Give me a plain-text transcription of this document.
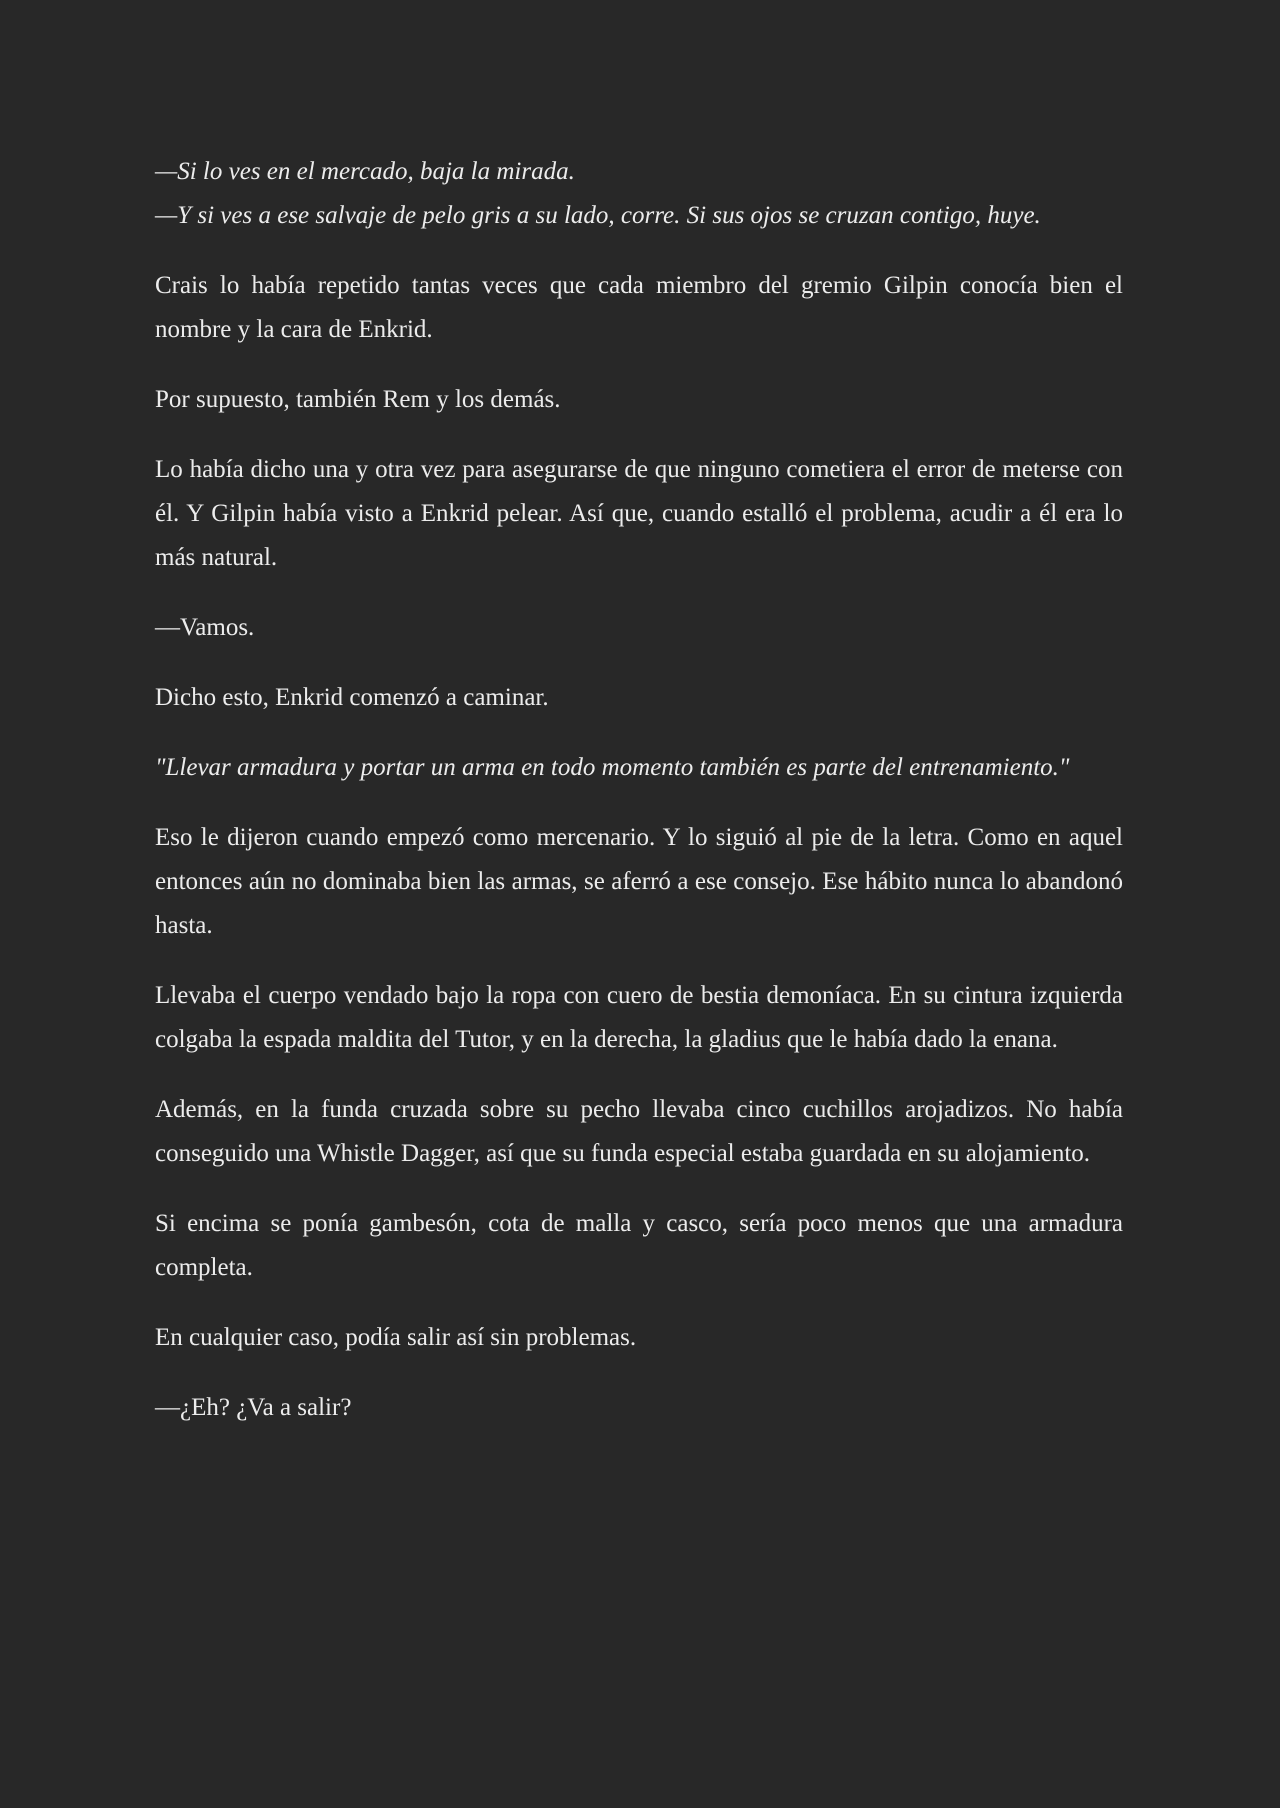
—Si lo ves en el mercado, baja la mirada.

—Y si ves a ese salvaje de pelo gris a su lado, corre. Si sus ojos se cruzan contigo, huye.

Crais lo había repetido tantas veces que cada miembro del gremio Gilpin conocía bien el nombre y la cara de Enkrid.

Por supuesto, también Rem y los demás.

Lo había dicho una y otra vez para asegurarse de que ninguno cometiera el error de meterse con él. Y Gilpin había visto a Enkrid pelear. Así que, cuando estalló el problema, acudir a él era lo más natural.

—Vamos.

Dicho esto, Enkrid comenzó a caminar.

"Llevar armadura y portar un arma en todo momento también es parte del entrenamiento."

Eso le dijeron cuando empezó como mercenario. Y lo siguió al pie de la letra. Como en aquel entonces aún no dominaba bien las armas, se aferró a ese consejo. Ese hábito nunca lo abandonó hasta.

Llevaba el cuerpo vendado bajo la ropa con cuero de bestia demoníaca. En su cintura izquierda colgaba la espada maldita del Tutor, y en la derecha, la gladius que le había dado la enana.

Además, en la funda cruzada sobre su pecho llevaba cinco cuchillos arojadizos. No había conseguido una Whistle Dagger, así que su funda especial estaba guardada en su alojamiento.

Si encima se ponía gambesón, cota de malla y casco, sería poco menos que una armadura completa.

En cualquier caso, podía salir así sin problemas.

—¿Eh? ¿Va a salir?
